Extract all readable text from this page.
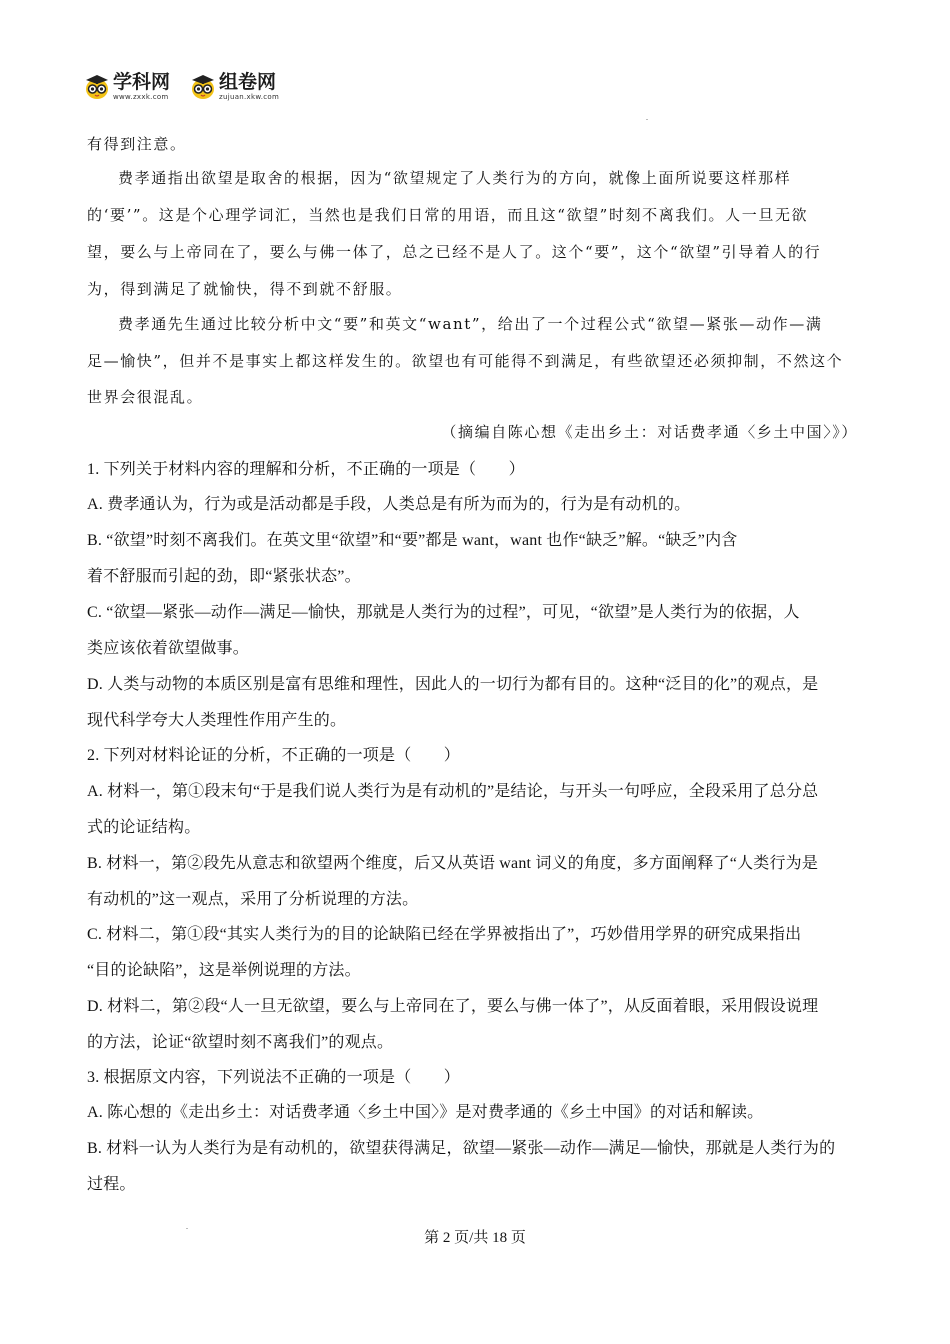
学科网
www.zxxk.com
组卷网
zujuan.xkw.com
有得到注意。
费孝通指出欲望是取舍的根据，因为“欲望规定了人类行为的方向，就像上面所说要这样那样
的‘要’”。这是个心理学词汇，当然也是我们日常的用语，而且这“欲望”时刻不离我们。人一旦无欲
望，要么与上帝同在了，要么与佛一体了，总之已经不是人了。这个“要”，这个“欲望”引导着人的行
为，得到满足了就愉快，得不到就不舒服。
费孝通先生通过比较分析中文“要”和英文“want”，给出了一个过程公式“欲望—紧张—动作—满
足—愉快”，但并不是事实上都这样发生的。欲望也有可能得不到满足，有些欲望还必须抑制，不然这个
世界会很混乱。
（摘编自陈心想《走出乡土：对话费孝通〈乡土中国〉》）
1. 下列关于材料内容的理解和分析，不正确的一项是（　　）
A. 费孝通认为，行为或是活动都是手段，人类总是有所为而为的，行为是有动机的。
B. “欲望”时刻不离我们。在英文里“欲望”和“要”都是 want，want 也作“缺乏”解。“缺乏”内含
着不舒服而引起的劲，即“紧张状态”。
C. “欲望—紧张—动作—满足—愉快，那就是人类行为的过程”，可见，“欲望”是人类行为的依据，人
类应该依着欲望做事。
D. 人类与动物的本质区别是富有思维和理性，因此人的一切行为都有目的。这种“泛目的化”的观点，是
现代科学夸大人类理性作用产生的。
2. 下列对材料论证的分析，不正确的一项是（　　）
A. 材料一，第①段末句“于是我们说人类行为是有动机的”是结论，与开头一句呼应，全段采用了总分总
式的论证结构。
B. 材料一，第②段先从意志和欲望两个维度，后又从英语 want 词义的角度，多方面阐释了“人类行为是
有动机的”这一观点，采用了分析说理的方法。
C. 材料二，第①段“其实人类行为的目的论缺陷已经在学界被指出了”，巧妙借用学界的研究成果指出
“目的论缺陷”，这是举例说理的方法。
D. 材料二，第②段“人一旦无欲望，要么与上帝同在了，要么与佛一体了”，从反面着眼，采用假设说理
的方法，论证“欲望时刻不离我们”的观点。
3. 根据原文内容，下列说法不正确的一项是（　　）
A. 陈心想的《走出乡土：对话费孝通〈乡土中国〉》是对费孝通的《乡土中国》的对话和解读。
B. 材料一认为人类行为是有动机的，欲望获得满足，欲望—紧张—动作—满足—愉快，那就是人类行为的
过程。
第 2 页/共 18 页
